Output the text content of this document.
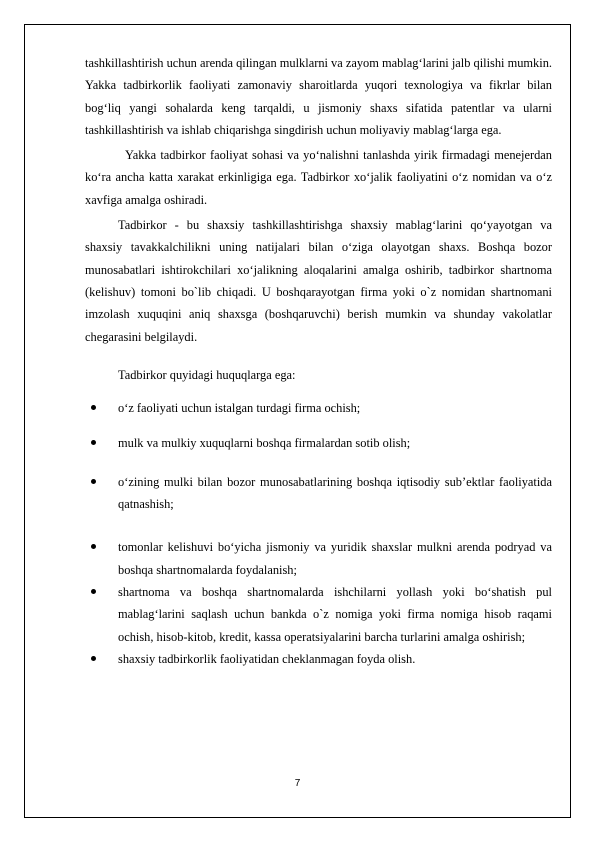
tashkillashtirish uchun arenda qilingan mulklarni va zayom mablag‘larini jalb qilishi mumkin. Yakka tadbirkorlik faoliyati zamonaviy sharoitlarda yuqori texnologiya va fikrlar bilan bog‘liq yangi sohalarda keng tarqaldi, u jismoniy shaxs sifatida patentlar va ularni tashkillashtirish va ishlab chiqarishga singdirish uchun moliyaviy mablag‘larga ega.

Yakka tadbirkor faoliyat sohasi va yo‘nalishni tanlashda yirik firmadagi menejerdan ko‘ra ancha katta xarakat erkinligiga ega. Tadbirkor xo‘jalik faoliyatini o‘z nomidan va o‘z xavfiga amalga oshiradi.

Tadbirkor - bu shaxsiy tashkillashtirishga shaxsiy mablag‘larini qo‘yayotgan va shaxsiy tavakkalchilikni uning natijalari bilan o‘ziga olayotgan shaxs. Boshqa bozor munosabatlari ishtirokchilari xo‘jalikning aloqalarini amalga oshirib, tadbirkor shartnoma (kelishuv) tomoni bo`lib chiqadi. U boshqarayotgan firma yoki o`z nomidan shartnomani imzolash xuquqini aniq shaxsga (boshqaruvchi) berish mumkin va shunday vakolatlar chegarasini belgilaydi.

Tadbirkor quyidagi huquqlarga ega:

o‘z faoliyati uchun istalgan turdagi firma ochish;
mulk va mulkiy xuquqlarni boshqa firmalardan sotib olish;
o‘zining mulki bilan bozor munosabatlarining boshqa iqtisodiy sub’ektlar faoliyatida qatnashish;
tomonlar kelishuvi bo‘yicha jismoniy va yuridik shaxslar mulkni arenda podryad va boshqa shartnomalarda foydalanish;
shartnoma va boshqa shartnomalarda ishchilarni yollash yoki bo‘shatish pul mablag‘larini saqlash uchun bankda o`z nomiga yoki firma nomiga hisob raqami ochish, hisob-kitob, kredit, kassa operatsiyalarini barcha turlarini amalga oshirish;
shaxsiy tadbirkorlik faoliyatidan cheklanmagan foyda olish.
7
